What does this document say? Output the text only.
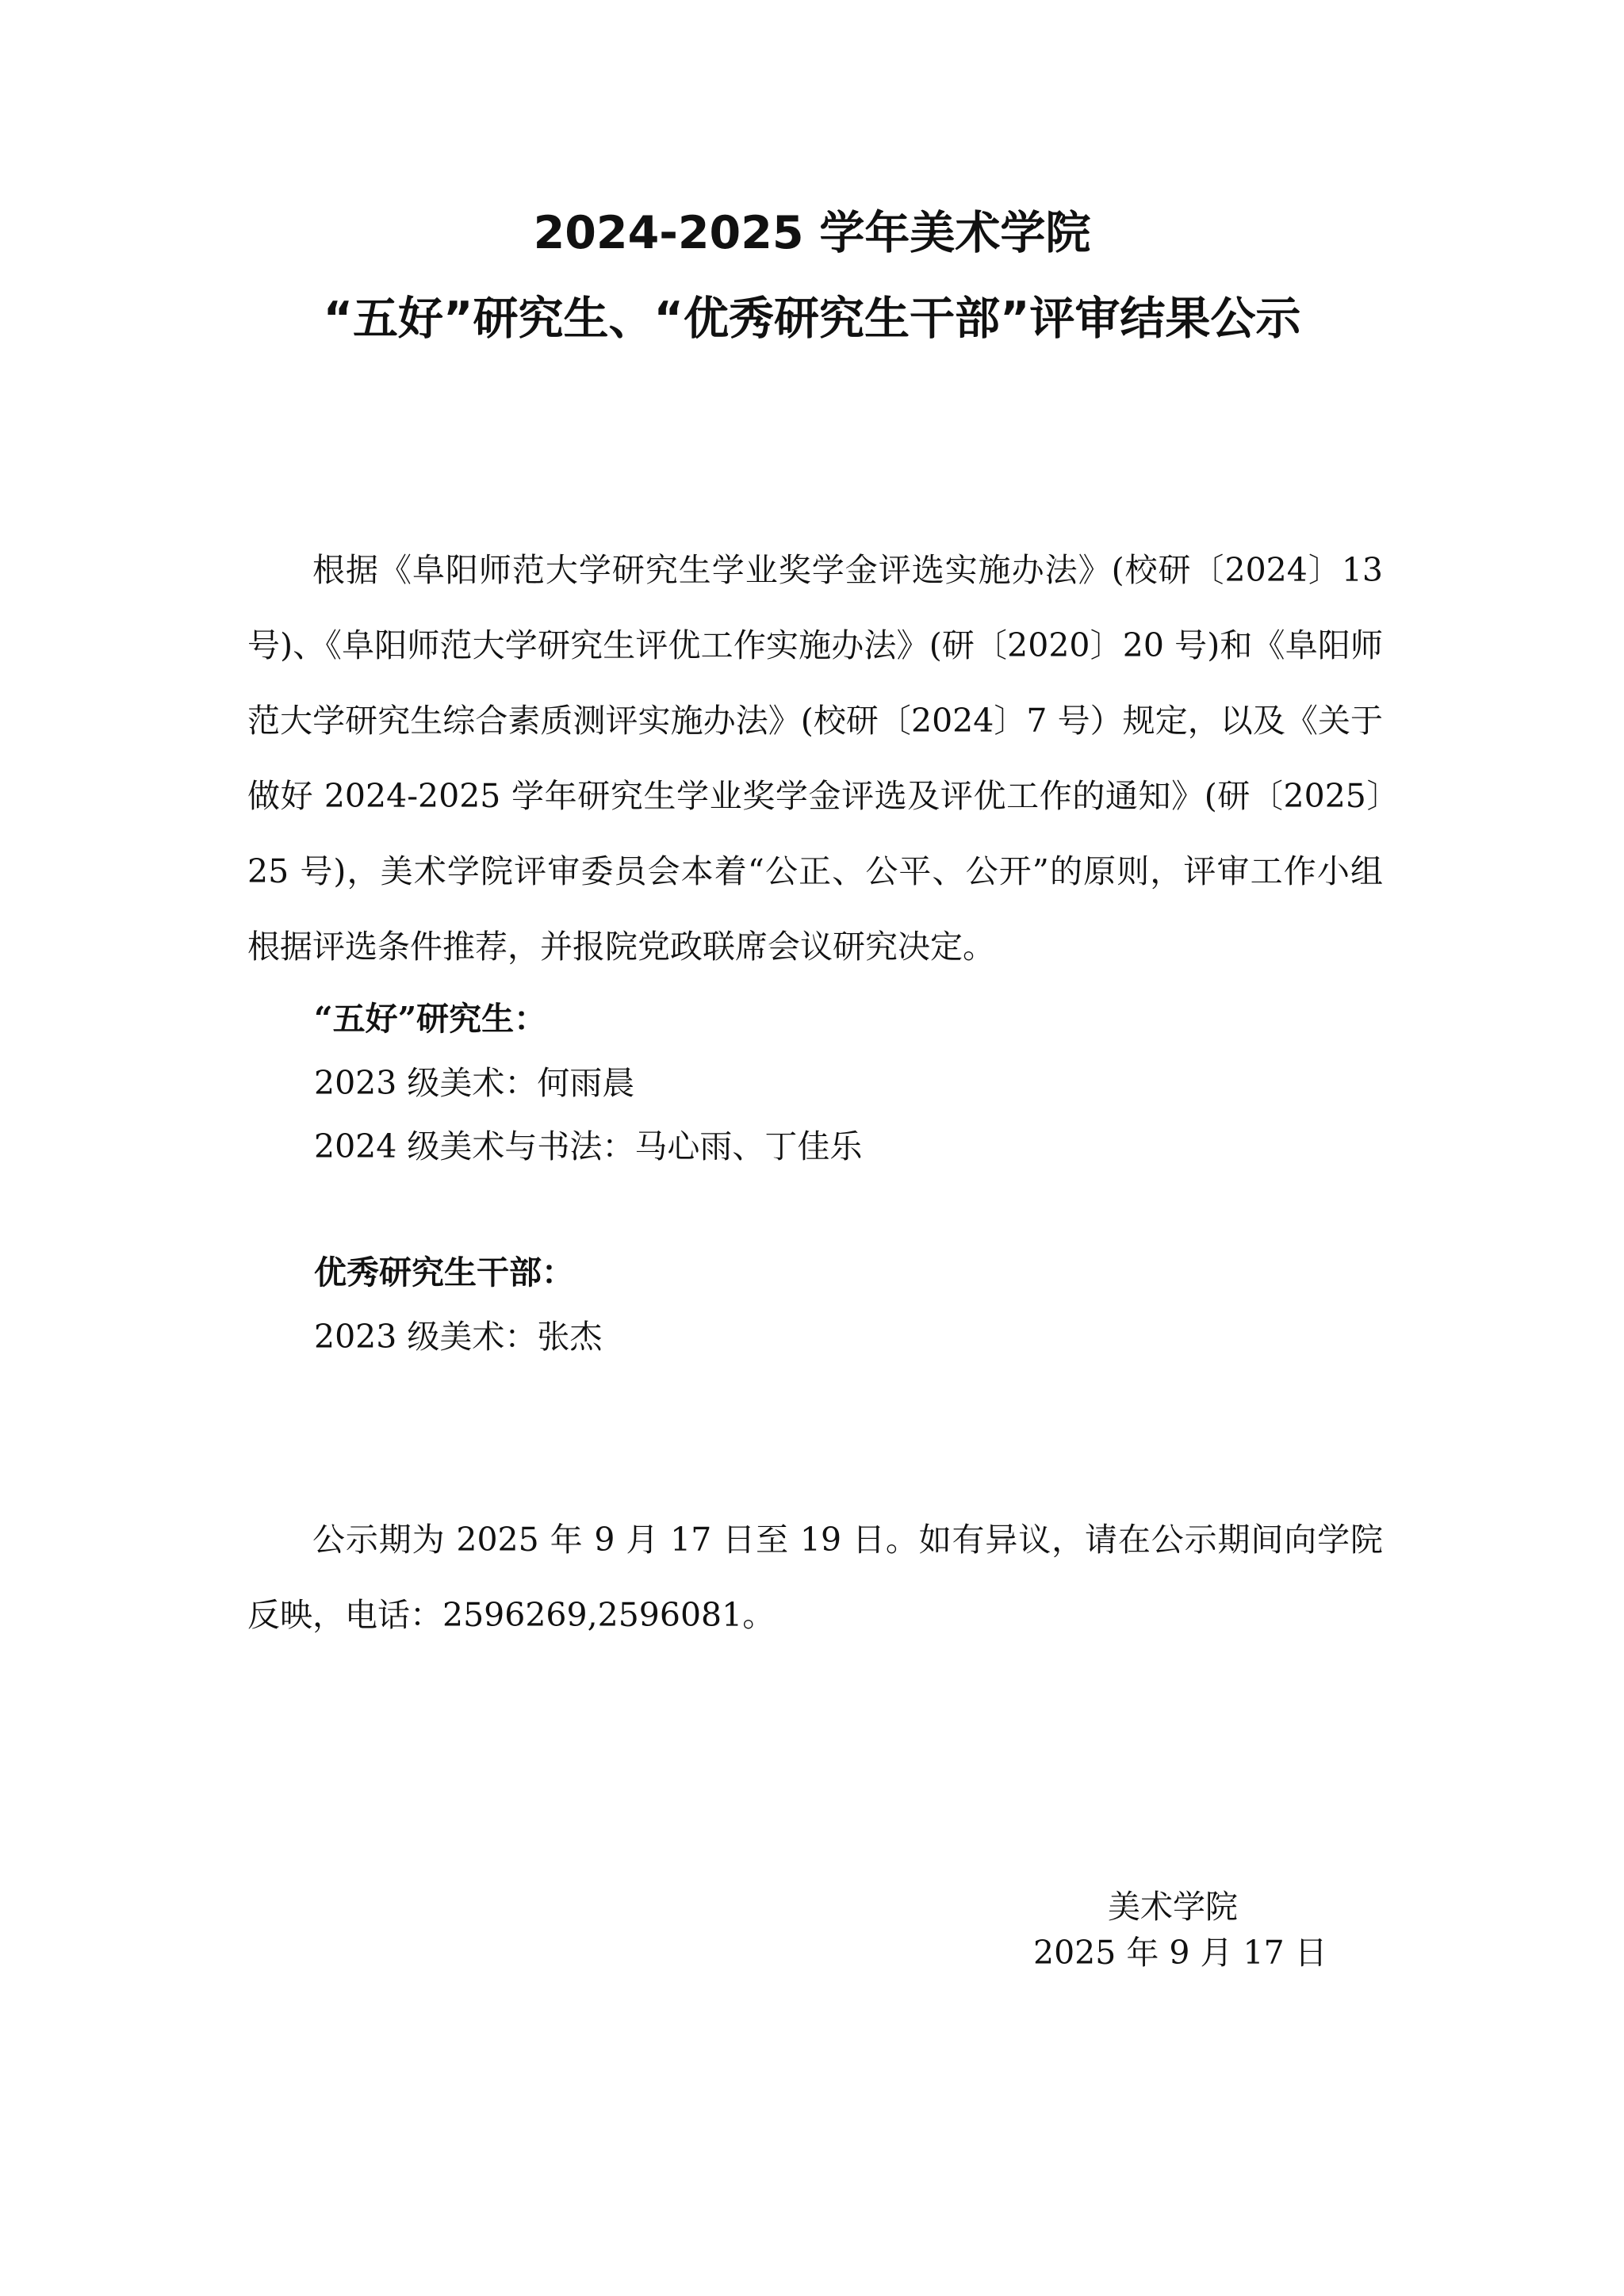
2024-2025 学年美术学院
“五好”研究生、“优秀研究生干部”评审结果公示
根据《阜阳师范大学研究生学业奖学金评选实施办法》(校研〔2024〕13 号)、《阜阳师范大学研究生评优工作实施办法》(研〔2020〕20 号)和《阜阳师范大学研究生综合素质测评实施办法》(校研〔2024〕7 号）规定，以及《关于做好 2024-2025 学年研究生学业奖学金评选及评优工作的通知》(研〔2025〕25 号)，美术学院评审委员会本着“公正、公平、公开”的原则，评审工作小组根据评选条件推荐，并报院党政联席会议研究决定。
“五好”研究生：
2023 级美术：何雨晨
2024 级美术与书法：马心雨、丁佳乐
优秀研究生干部：
2023 级美术：张杰
公示期为 2025 年 9 月 17 日至 19 日。如有异议，请在公示期间向学院反映，电话：2596269,2596081。
美术学院
2025 年 9 月 17 日
